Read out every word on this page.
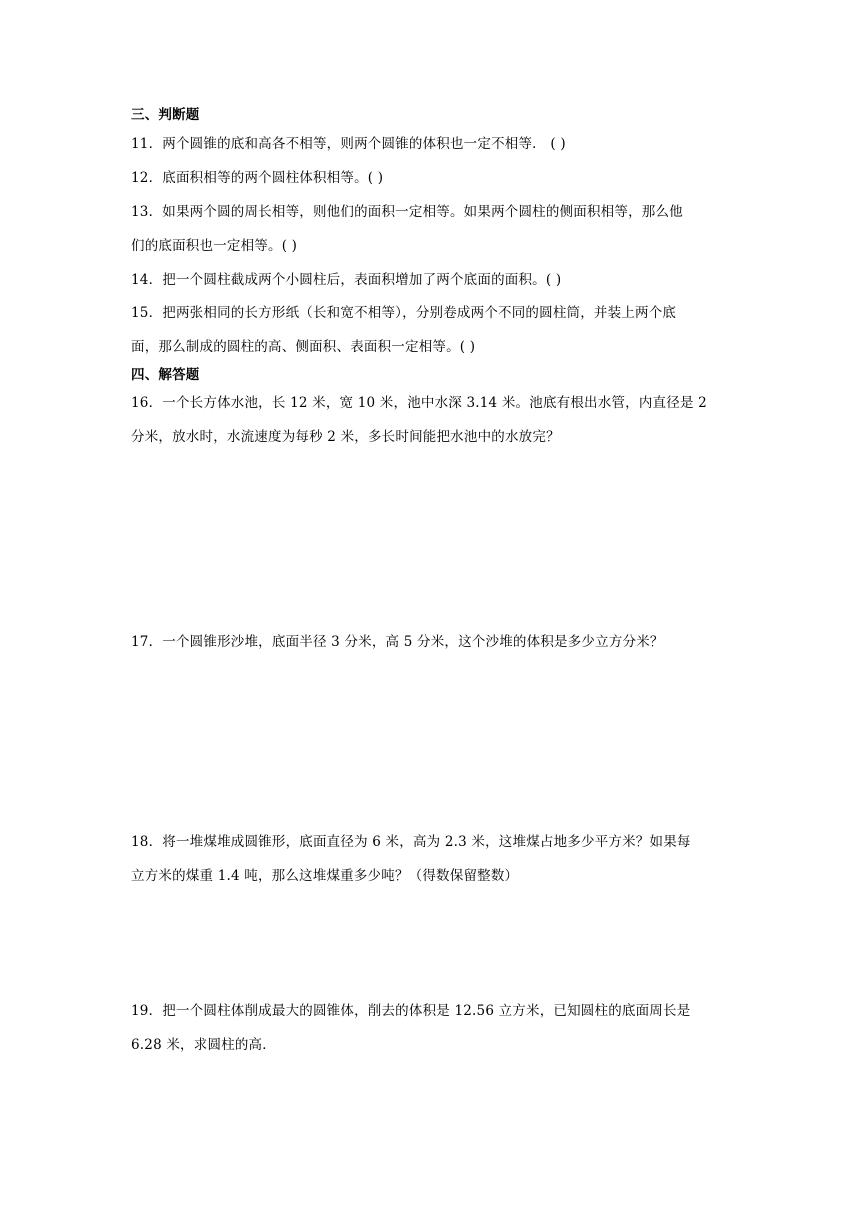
三、判断题
11．两个圆锥的底和高各不相等，则两个圆锥的体积也一定不相等． ( )
12．底面积相等的两个圆柱体积相等。( )
13．如果两个圆的周长相等，则他们的面积一定相等。如果两个圆柱的侧面积相等，那么他
们的底面积也一定相等。( )
14．把一个圆柱截成两个小圆柱后，表面积增加了两个底面的面积。( )
15．把两张相同的长方形纸（长和宽不相等），分别卷成两个不同的圆柱筒，并装上两个底
面，那么制成的圆柱的高、侧面积、表面积一定相等。( )
四、解答题
16．一个长方体水池，长 12 米，宽 10 米，池中水深 3.14 米。池底有根出水管，内直径是 2
分米，放水时，水流速度为每秒 2 米，多长时间能把水池中的水放完？
17．一个圆锥形沙堆，底面半径 3 分米，高 5 分米，这个沙堆的体积是多少立方分米？
18．将一堆煤堆成圆锥形，底面直径为 6 米，高为 2.3 米，这堆煤占地多少平方米？如果每
立方米的煤重 1.4 吨，那么这堆煤重多少吨？（得数保留整数）
19．把一个圆柱体削成最大的圆锥体，削去的体积是 12.56 立方米，已知圆柱的底面周长是
6.28 米，求圆柱的高．
